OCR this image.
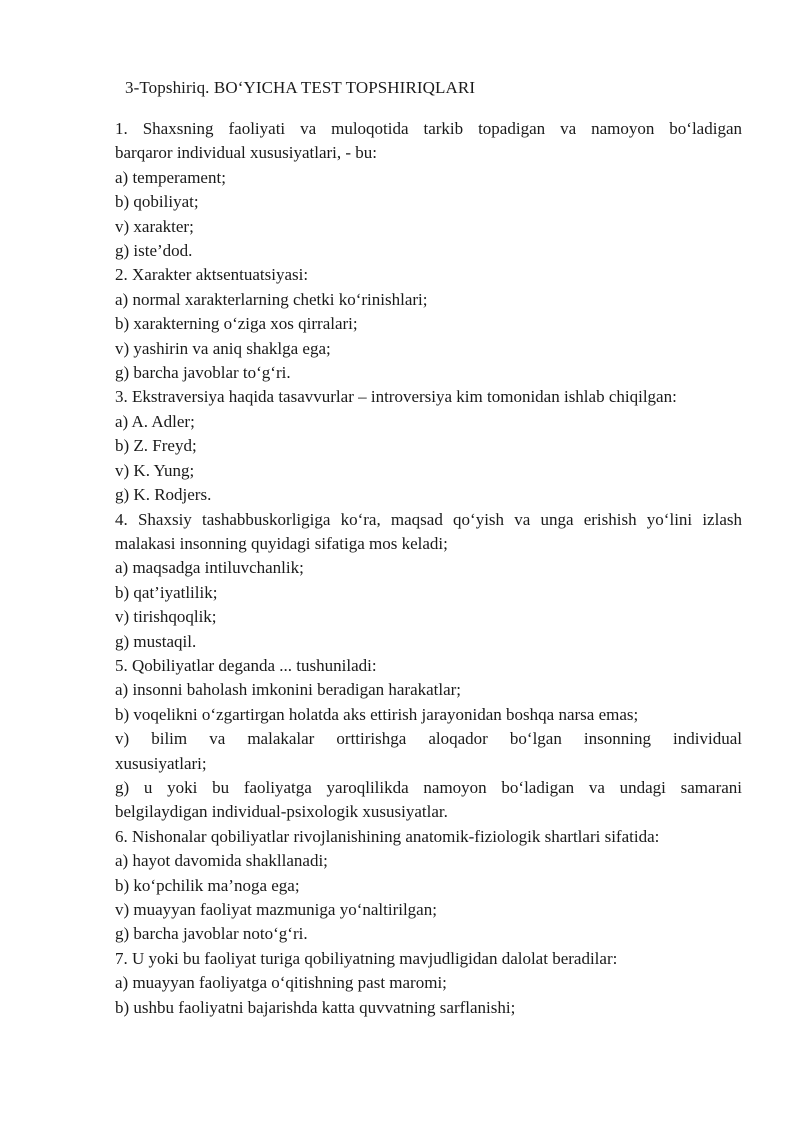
3-Topshiriq. BO‘YICHA TEST TOPSHIRIQLARI

1. Shaxsning faoliyati va muloqotida tarkib topadigan va namoyon bo‘ladigan

barqaror individual xususiyatlari, - bu:

a) temperament;

b) qobiliyat;

v) xarakter;

g) iste’dod.

2. Xarakter aktsentuatsiyasi:

a) normal xarakterlarning chetki ko‘rinishlari;

b) xarakterning o‘ziga xos qirralari;

v) yashirin va aniq shaklga ega;

g) barcha javoblar to‘g‘ri.

3. Ekstraversiya haqida tasavvurlar – introversiya kim tomonidan ishlab chiqilgan:

a) A. Adler;

b) Z. Freyd;

v) K. Yung;

g) K. Rodjers.

4. Shaxsiy tashabbuskorligiga ko‘ra, maqsad qo‘yish va unga erishish yo‘lini izlash

malakasi insonning quyidagi sifatiga mos keladi;

a) maqsadga intiluvchanlik;

b) qat’iyatlilik;

v) tirishqoqlik;

g) mustaqil.

5. Qobiliyatlar deganda ... tushuniladi:

a) insonni baholash imkonini beradigan harakatlar;

b) voqelikni o‘zgartirgan holatda aks ettirish jarayonidan boshqa narsa emas;

v) bilim va malakalar orttirishga aloqador bo‘lgan insonning individual

xususiyatlari;

g) u yoki bu faoliyatga yaroqlilikda namoyon bo‘ladigan va undagi samarani

belgilaydigan individual-psixologik xususiyatlar.

6. Nishonalar qobiliyatlar rivojlanishining anatomik-fiziologik shartlari sifatida:

a) hayot davomida shakllanadi;

b) ko‘pchilik ma’noga ega;

v) muayyan faoliyat mazmuniga yo‘naltirilgan;

g) barcha javoblar noto‘g‘ri.

7. U yoki bu faoliyat turiga qobiliyatning mavjudligidan dalolat beradilar:

a) muayyan faoliyatga o‘qitishning past maromi;

b) ushbu faoliyatni bajarishda katta quvvatning sarflanishi;
